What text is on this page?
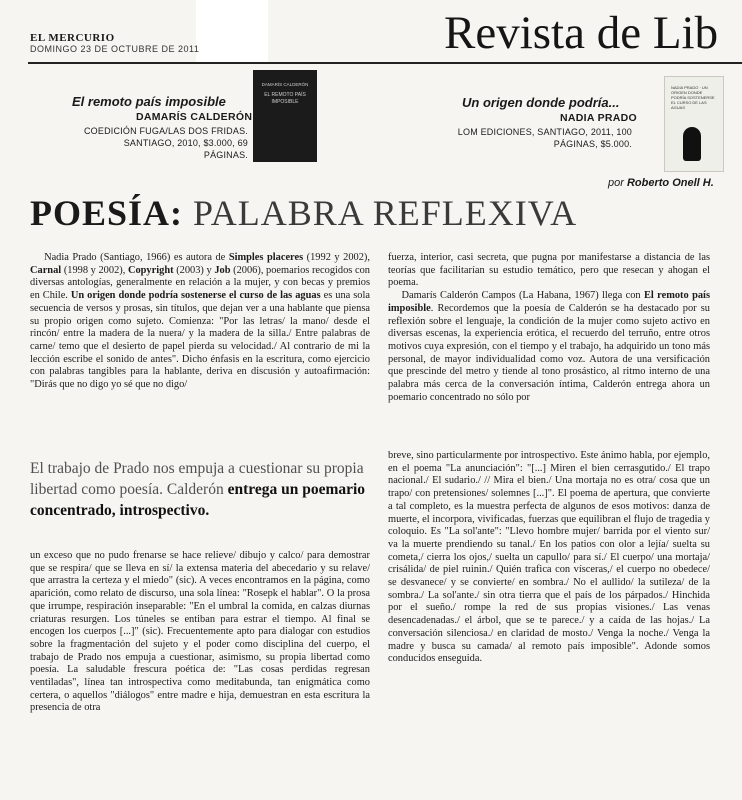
EL MERCURIO
DOMINGO 23 DE OCTUBRE DE 2011	Revista de Lib

El remoto país imposible
DAMARÍS CALDERÓN
COEDICIÓN FUGA/LAS DOS FRIDAS.
SANTIAGO, 2010, $3.000, 69 PÁGINAS.
DAMARÍS CALDERÓN
EL REMOTO PAÍS IMPOSIBLE	Un origen donde podría...
NADIA PRADO
LOM EDICIONES, SANTIAGO, 2011, 100
PÁGINAS, $5.000.
NADIA PRADO · UN ORIGEN DONDE PODRÍA SOSTENERSE EL CURSO DE LAS AGUAS
por Roberto Onell H.
POESÍA: PALABRA REFLEXIVA

Nadia Prado (Santiago, 1966) es autora de Simples placeres (1992 y 2002), Carnal (1998 y 2002), Copyright (2003) y Job (2006), poemarios recogidos con diversas antologías, generalmente en relación a la mujer, y con becas y premios en Chile. Un origen donde podría sostenerse el curso de las aguas es una sola secuencia de versos y prosas, sin títulos, que dejan ver a una hablante que piensa su propio origen como sujeto. Comienza: "Por las letras/ la mano/ desde el rincón/ entre la madera de la nuera/ y la madera de la silla./ Entre palabras de carne/ temo que el desierto de papel pierda su velocidad./ Al contrario de mi la lección escribe el sonido de antes". Dicho énfasis en la escritura, como ejercicio con palabras tangibles para la hablante, deriva en discusión y autoafirmación: "Dirás que no digo yo sé que no digo/

fuerza, interior, casi secreta, que pugna por manifestarse a distancia de las teorías que facilitarían su estudio temático, pero que resecan y ahogan el poema.

Damarís Calderón Campos (La Habana, 1967) llega con El remoto país imposible. Recordemos que la poesía de Calderón se ha destacado por su reflexión sobre el lenguaje, la condición de la mujer como sujeto activo en diversas escenas, la experiencia erótica, el recuerdo del terruño, entre otros motivos cuya expresión, con el tiempo y el trabajo, ha adquirido un tono más personal, de mayor individualidad como voz. Autora de una versificación que prescinde del metro y tiende al tono prosástico, al ritmo interno de una palabra más cerca de la conversación íntima, Calderón entrega ahora un poemario concentrado no sólo por

El trabajo de Prado nos empuja a cuestionar su propia libertad como poesía. Calderón entrega un poemario concentrado, introspectivo.

un exceso que no pudo frenarse se hace relieve/ dibujo y calco/ para demostrar que se respira/ que se lleva en sí/ la extensa materia del abecedario y su relave/ que arrastra la certeza y el miedo" (sic). A veces encontramos en la página, como aparición, como relato de discurso, una sola línea: "Rosepk el hablar". O la prosa que irrumpe, respiración inseparable: "En el umbral la comida, en calzas diurnas criaturas resurgen. Los túneles se entiban para estrar el tiempo. Al final se encogen los cuerpos [...]" (sic). Frecuentemente apto para dialogar con estudios sobre la fragmentación del sujeto y el poder como disciplina del cuerpo, el trabajo de Prado nos empuja a cuestionar, asimismo, su propia libertad como poesía. La saludable frescura poética de: "Las cosas perdidas regresan ventiladas", línea tan introspectiva como meditabunda, tan enigmática como certera, o aquellos "diálogos" entre madre e hija, demuestran en esta escritura la presencia de otra

breve, sino particularmente por introspectivo. Este ánimo habla, por ejemplo, en el poema "La anunciación": "[...] Miren el bien cerrasgutido./ El trapo nacional./ El sudario./ // Mira el bien./ Una mortaja no es otra/ cosa que un trapo/ con pretensiones/ solemnes [...]". El poema de apertura, que convierte a tal completo, es la muestra perfecta de algunos de esos motivos: danza de muerte, el incorpora, vivificadas, fuerzas que equilibran el flujo de tragedia y coloquio. Es "La sol'ante": "Llevo hombre mujer/ barrida por el viento sur/ va la muerte prendiendo su tanal./ En los patios con olor a lejía/ suelta su cometa,/ cierra los ojos,/ suelta un capullo/ para sí./ El cuerpo/ una mortaja/ crisálida/ de piel ruinin./ Quién trafica con vísceras,/ el cuerpo no obedece/ se desvanece/ y se convierte/ en sombra./ No el aullido/ la sutileza/ de la sombra./ La sol'ante./ sin otra tierra que el país de los párpados./ Hinchida por el sueño./ rompe la red de sus propias visiones./ Las venas desencadenadas./ el árbol, que se te parece./ y a caída de las hojas./ La conversación silenciosa./ en claridad de mosto./ Venga la noche./ Venga la madre y busca su camada/ al remoto país imposible". Adonde somos conducidos enseguida.
